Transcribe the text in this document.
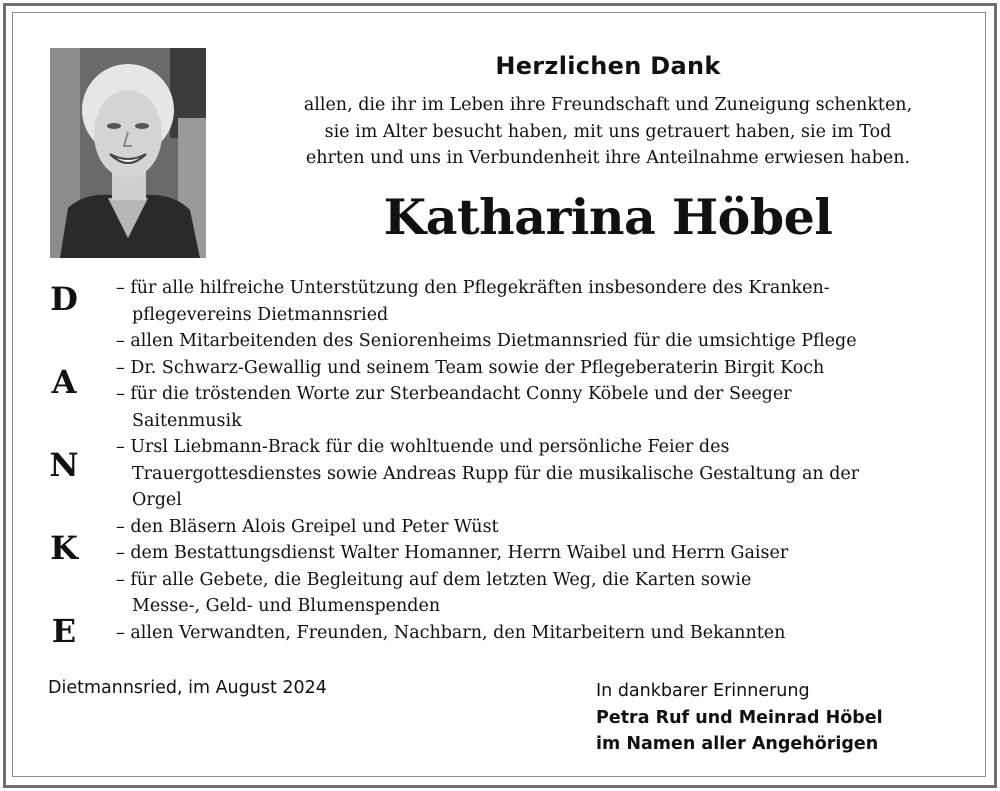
Herzlichen Dank

allen, die ihr im Leben ihre Freundschaft und Zuneigung schenkten,
sie im Alter besucht haben, mit uns getrauert haben, sie im Tod
ehrten und uns in Verbundenheit ihre Anteilnahme erwiesen haben.

Katharina Höbel
D
A
N
K
E
– für alle hilfreiche Unterstützung den Pflegekräften insbesondere des Kranken-
pflegevereins Dietmannsried
– allen Mitarbeitenden des Seniorenheims Dietmannsried für die umsichtige Pflege
– Dr. Schwarz-Gewallig und seinem Team sowie der Pflegeberaterin Birgit Koch
– für die tröstenden Worte zur Sterbeandacht Conny Köbele und der Seeger
Saitenmusik
– Ursl Liebmann-Brack für die wohltuende und persönliche Feier des
Trauergottesdienstes sowie Andreas Rupp für die musikalische Gestaltung an der
Orgel
– den Bläsern Alois Greipel und Peter Wüst
– dem Bestattungsdienst Walter Homanner, Herrn Waibel und Herrn Gaiser
– für alle Gebete, die Begleitung auf dem letzten Weg, die Karten sowie
Messe-, Geld- und Blumenspenden
– allen Verwandten, Freunden, Nachbarn, den Mitarbeitern und Bekannten

Dietmannsried, im August 2024	In dankbarer Erinnerung
Petra Ruf und Meinrad Höbel
im Namen aller Angehörigen
